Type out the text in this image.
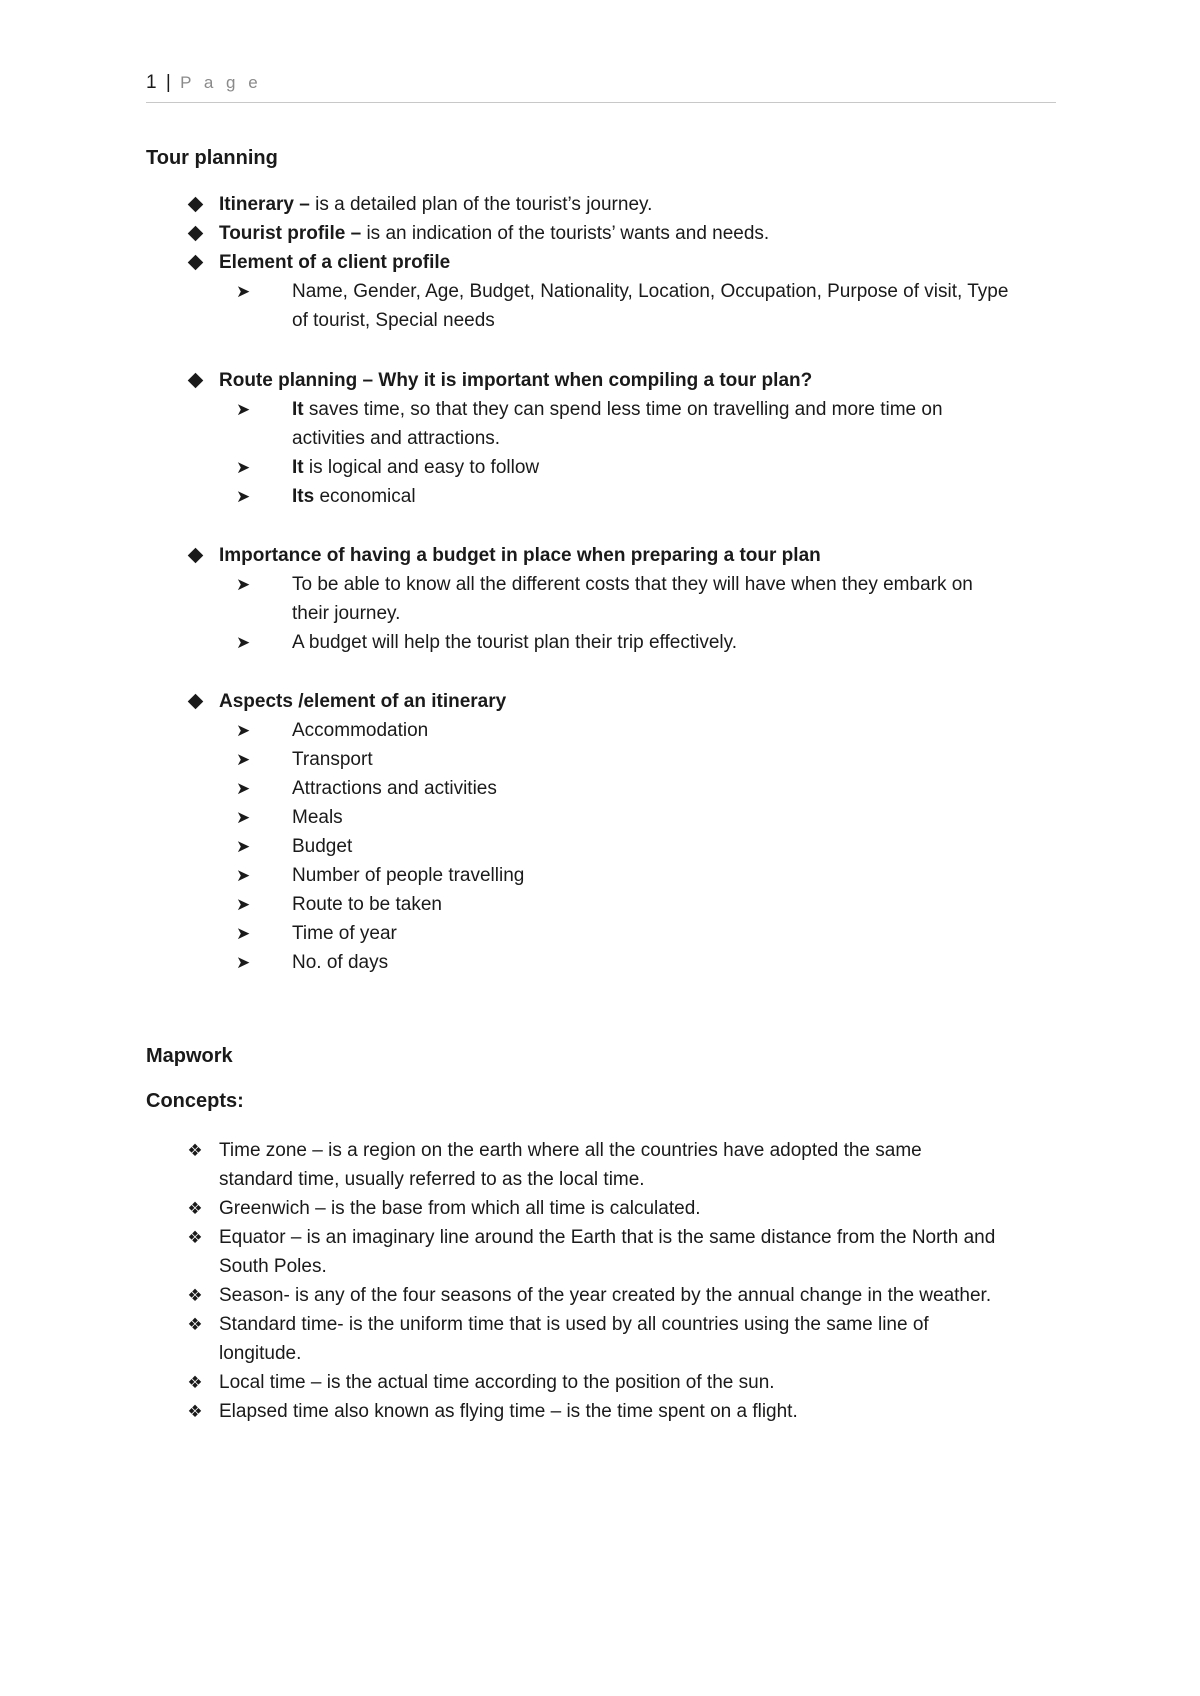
1 | P a g e
Tour planning
Itinerary – is a detailed plan of the tourist’s journey.
Tourist profile – is an indication of the tourists’ wants and needs.
Element of a client profile
➤	Name, Gender, Age, Budget, Nationality, Location, Occupation, Purpose of visit, Type
of tourist, Special needs
Route planning – Why it is important when compiling a tour plan?
➤	It saves time, so that they can spend less time on travelling and more time on
activities and attractions.
➤	It is logical and easy to follow
➤	Its economical
Importance of having a budget in place when preparing a tour plan
➤	To be able to know all the different costs that they will have when they embark on
their journey.
➤	A budget will help the tourist plan their trip effectively.
Aspects /element of an itinerary
➤	Accommodation
➤	Transport
➤	Attractions and activities
➤	Meals
➤	Budget
➤	Number of people travelling
➤	Route to be taken
➤	Time of year
➤	No. of days
Mapwork
Concepts:
❖ Time zone – is a region on the earth where all the countries have adopted the same
standard time, usually referred to as the local time.
❖ Greenwich – is the base from which all time is calculated.
❖ Equator – is an imaginary line around the Earth that is the same distance from the North and
South Poles.
❖ Season- is any of the four seasons of the year created by the annual change in the weather.
❖ Standard time- is the uniform time that is used by all countries using the same line of
longitude.
❖ Local time – is the actual time according to the position of the sun.
❖ Elapsed time also known as flying time – is the time spent on a flight.
